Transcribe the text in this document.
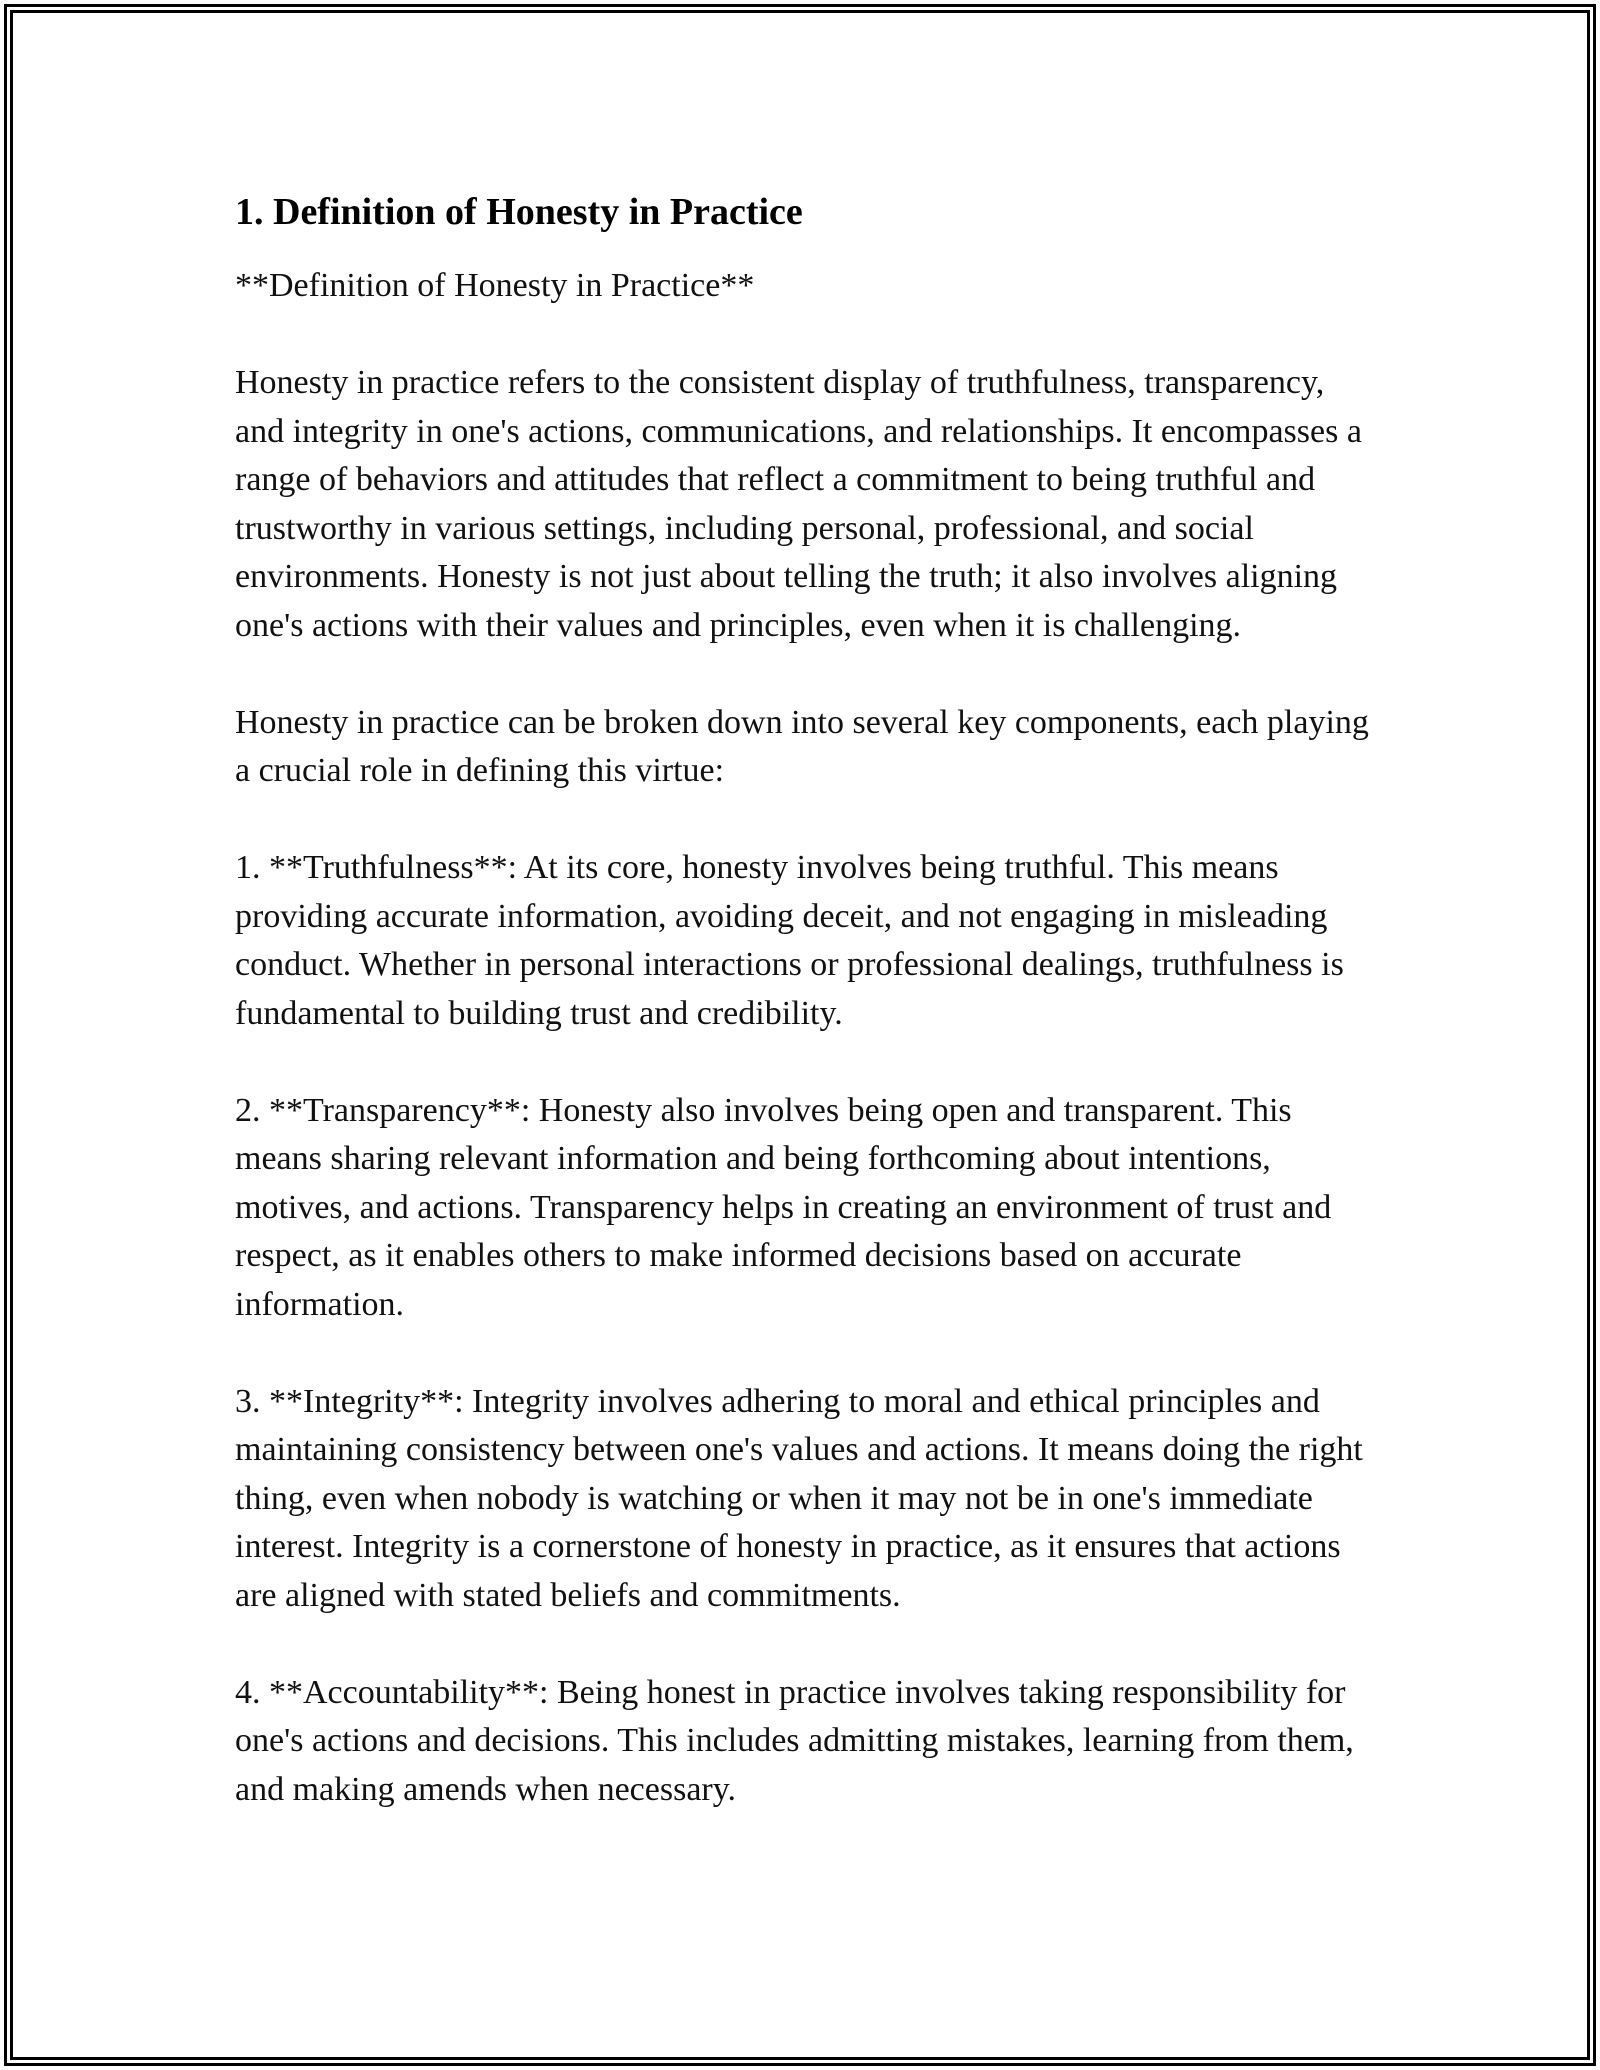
1. Definition of Honesty in Practice

**Definition of Honesty in Practice**

Honesty in practice refers to the consistent display of truthfulness, transparency, and integrity in one's actions, communications, and relationships. It encompasses a range of behaviors and attitudes that reflect a commitment to being truthful and trustworthy in various settings, including personal, professional, and social environments. Honesty is not just about telling the truth; it also involves aligning one's actions with their values and principles, even when it is challenging.

Honesty in practice can be broken down into several key components, each playing a crucial role in defining this virtue:

1. **Truthfulness**: At its core, honesty involves being truthful. This means providing accurate information, avoiding deceit, and not engaging in misleading conduct. Whether in personal interactions or professional dealings, truthfulness is fundamental to building trust and credibility.

2. **Transparency**: Honesty also involves being open and transparent. This means sharing relevant information and being forthcoming about intentions, motives, and actions. Transparency helps in creating an environment of trust and respect, as it enables others to make informed decisions based on accurate information.

3. **Integrity**: Integrity involves adhering to moral and ethical principles and maintaining consistency between one's values and actions. It means doing the right thing, even when nobody is watching or when it may not be in one's immediate interest. Integrity is a cornerstone of honesty in practice, as it ensures that actions are aligned with stated beliefs and commitments.

4. **Accountability**: Being honest in practice involves taking responsibility for one's actions and decisions. This includes admitting mistakes, learning from them, and making amends when necessary.
